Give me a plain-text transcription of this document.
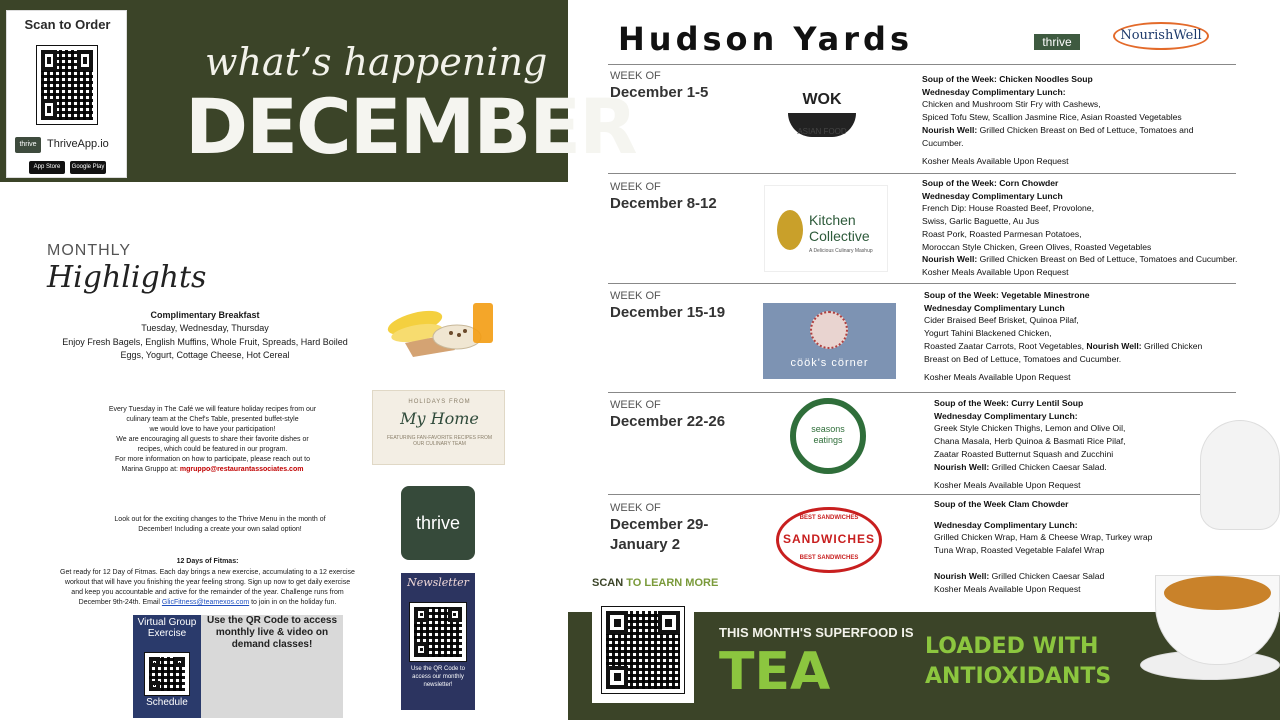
Scan to Order
thrive ThriveApp.io
App Store	Google Play
what’s happening
DECEMBER
MONTHLY
Highlights
Complimentary Breakfast
Tuesday, Wednesday, Thursday
Enjoy Fresh Bagels, English Muffins, Whole Fruit, Spreads, Hard Boiled Eggs, Yogurt, Cottage Cheese, Hot Cereal
Every Tuesday in The Café we will feature holiday recipes from our
culinary team at the Chef's Table, presented buffet-style
we would love to have your participation!
We are encouraging all guests to share their favorite dishes or
recipes, which could be featured in our program.
For more information on how to participate, please reach out to
Marina Gruppo at: mgruppo@restaurantassociates.com
HOLIDAYS FROM
My Home
FEATURING FAN-FAVORITE RECIPES FROM OUR CULINARY TEAM
Look out for the exciting changes to the Thrive Menu in the month of December! Including a create your own salad option!	thrive
12 Days of Fitmas:
Get ready for 12 Day of Fitmas. Each day brings a new exercise, accumulating to a 12 exercise workout that will have you finishing the year feeling strong. Sign up now to get daily exercise and keep you accountable and active for the remainder of the year. Challenge runs from December 9th-24th. Email GlicFitness@teamexos.com to join in on the holiday fun.
Virtual Group Exercise
Schedule
Use the QR Code to access monthly live & video on demand classes!
Newsletter
Use the QR Code to access our monthly newsletter!
Hudson Yards	thrive	NourishWell
WEEK OF
December 1-5	WOK
ASIAN FOOD
Soup of the Week: Chicken Noodles Soup
Wednesday Complimentary Lunch:
Chicken and Mushroom Stir Fry with Cashews,
Spiced Tofu Stew, Scallion Jasmine Rice, Asian Roasted Vegetables
Nourish Well: Grilled Chicken Breast on Bed of Lettuce, Tomatoes and Cucumber.
Kosher Meals Available Upon Request
WEEK OF
December 8-12
Kitchen Collective
A Delicious Culinary Mashup
Soup of the Week: Corn Chowder
Wednesday Complimentary Lunch
French Dip: House Roasted Beef, Provolone,
Swiss, Garlic Baguette, Au Jus
Roast Pork, Roasted Parmesan Potatoes,
Moroccan Style Chicken, Green Olives, Roasted Vegetables
Nourish Well: Grilled Chicken Breast on Bed of Lettuce, Tomatoes and Cucumber.
Kosher Meals Available Upon Request
WEEK OF
December 15-19
cöök's cörner
Soup of the Week: Vegetable Minestrone
Wednesday Complimentary Lunch
Cider Braised Beef Brisket, Quinoa Pilaf,
Yogurt Tahini Blackened Chicken,
Roasted Zaatar Carrots, Root Vegetables, Nourish Well: Grilled Chicken Breast on Bed of Lettuce, Tomatoes and Cucumber.
Kosher Meals Available Upon Request
WEEK OF
December 22-26	seasons eatings
Soup of the Week: Curry Lentil Soup
Wednesday Complimentary Lunch:
Greek Style Chicken Thighs, Lemon and Olive Oil,
Chana Masala, Herb Quinoa & Basmati Rice Pilaf,
Zaatar Roasted Butternut Squash and Zucchini
Nourish Well: Grilled Chicken Caesar Salad.
Kosher Meals Available Upon Request
WEEK OF
December 29-
January 2
BEST SANDWICHES
SANDWICHES
BEST SANDWICHES
Soup of the Week Clam Chowder
Wednesday Complimentary Lunch:
Grilled Chicken Wrap, Ham & Cheese Wrap, Turkey wrap
Tuna Wrap, Roasted Vegetable Falafel Wrap
Nourish Well: Grilled Chicken Caesar Salad
Kosher Meals Available Upon Request
SCAN TO LEARN MORE
THIS MONTH'S SUPERFOOD IS
TEA	LOADED WITH
ANTIOXIDANTS
